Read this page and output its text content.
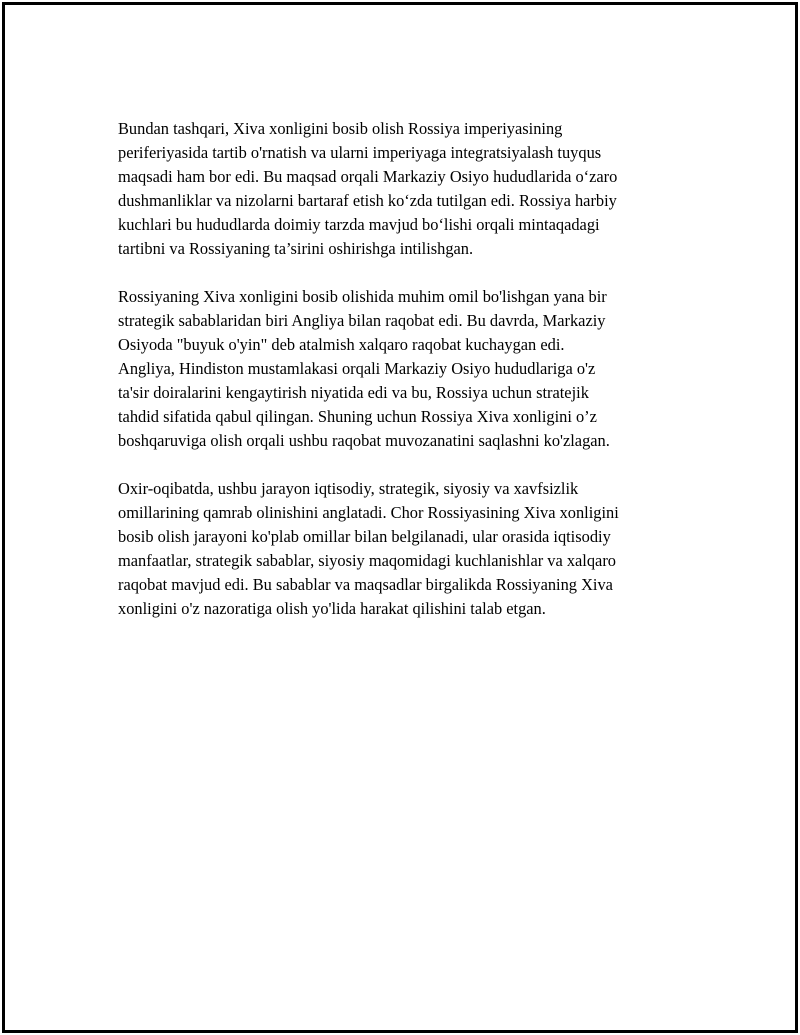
Bundan tashqari, Xiva xonligini bosib olish Rossiya imperiyasining
periferiyasida tartib o'rnatish va ularni imperiyaga integratsiyalash tuyqus
maqsadi ham bor edi. Bu maqsad orqali Markaziy Osiyo hududlarida o‘zaro
dushmanliklar va nizolarni bartaraf etish ko‘zda tutilgan edi. Rossiya harbiy
kuchlari bu hududlarda doimiy tarzda mavjud bo‘lishi orqali mintaqadagi
tartibni va Rossiyaning ta’sirini oshirishga intilishgan.

Rossiyaning Xiva xonligini bosib olishida muhim omil bo'lishgan yana bir
strategik sabablaridan biri Angliya bilan raqobat edi. Bu davrda, Markaziy
Osiyoda "buyuk o'yin" deb atalmish xalqaro raqobat kuchaygan edi.
Angliya, Hindiston mustamlakasi orqali Markaziy Osiyo hududlariga o'z
ta'sir doiralarini kengaytirish niyatida edi va bu, Rossiya uchun stratejik
tahdid sifatida qabul qilingan. Shuning uchun Rossiya Xiva xonligini o’z
boshqaruviga olish orqali ushbu raqobat muvozanatini saqlashni ko'zlagan.

Oxir-oqibatda, ushbu jarayon iqtisodiy, strategik, siyosiy va xavfsizlik
omillarining qamrab olinishini anglatadi. Chor Rossiyasining Xiva xonligini
bosib olish jarayoni ko'plab omillar bilan belgilanadi, ular orasida iqtisodiy
manfaatlar, strategik sabablar, siyosiy maqomidagi kuchlanishlar va xalqaro
raqobat mavjud edi. Bu sabablar va maqsadlar birgalikda Rossiyaning Xiva
xonligini o'z nazoratiga olish yo'lida harakat qilishini talab etgan.
